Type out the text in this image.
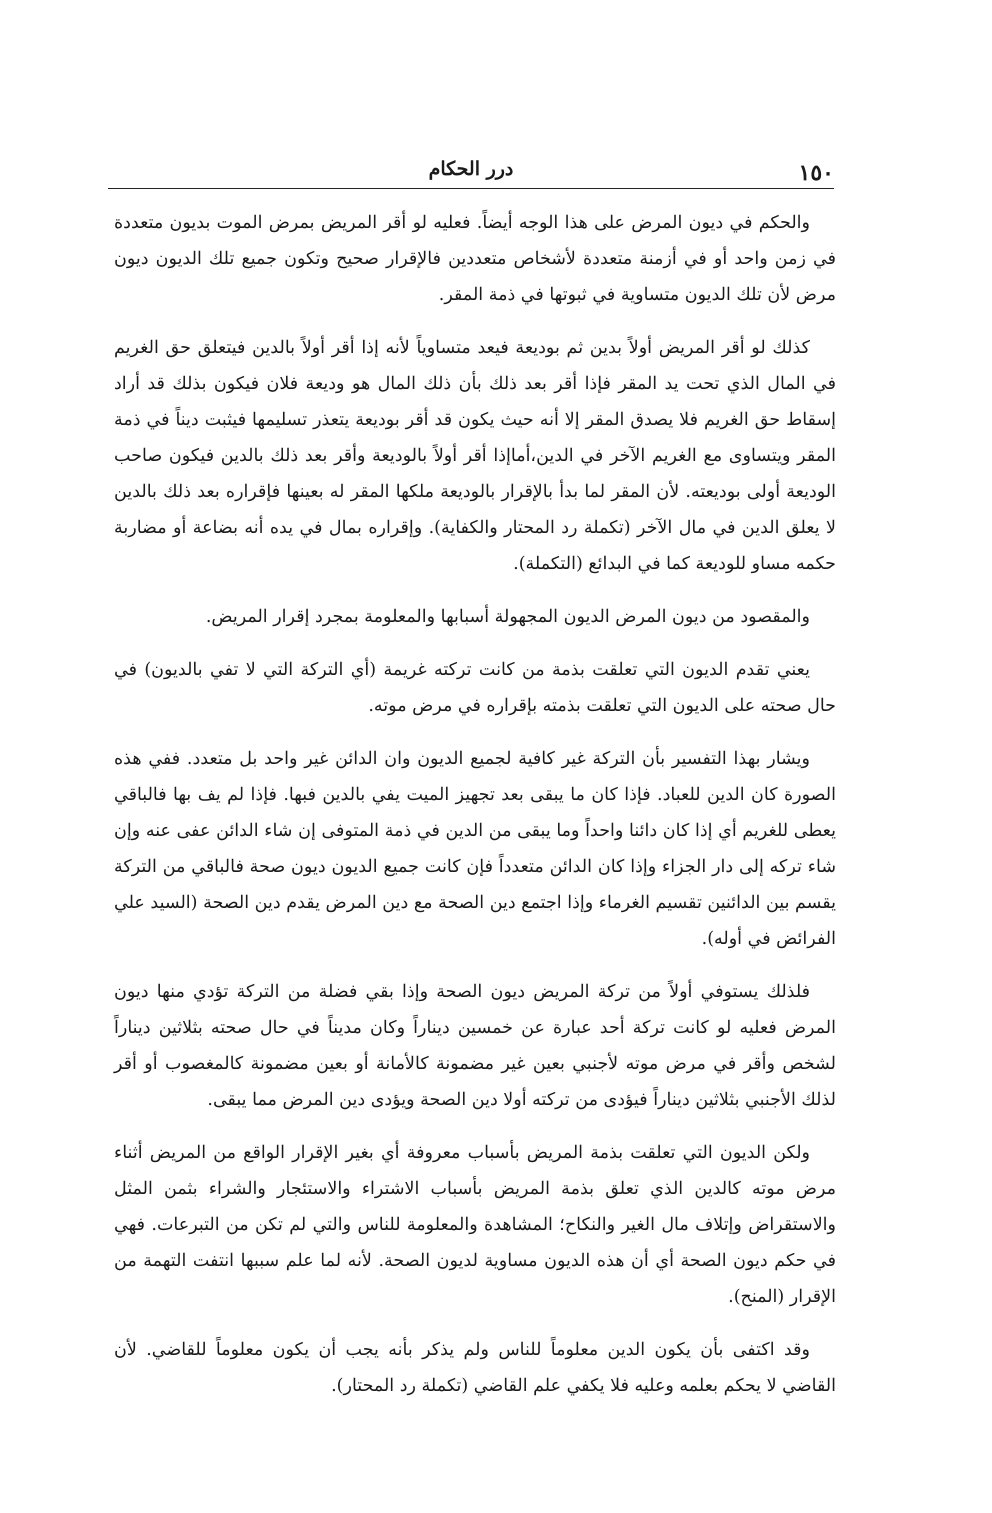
١٥٠
درر الحكام

والحكم في ديون المرض على هذا الوجه أيضاً. فعليه لو أقر المريض بمرض الموت بديون متعددة في زمن واحد أو في أزمنة متعددة لأشخاص متعددين فالإقرار صحيح وتكون جميع تلك الديون ديون مرض لأن تلك الديون متساوية في ثبوتها في ذمة المقر.

كذلك لو أقر المريض أولاً بدين ثم بوديعة فيعد متساوياً لأنه إذا أقر أولاً بالدين فيتعلق حق الغريم في المال الذي تحت يد المقر فإذا أقر بعد ذلك بأن ذلك المال هو وديعة فلان فيكون بذلك قد أراد إسقاط حق الغريم فلا يصدق المقر إلا أنه حيث يكون قد أقر بوديعة يتعذر تسليمها فيثبت ديناً في ذمة المقر ويتساوى مع الغريم الآخر في الدين،أماإذا أقر أولاً بالوديعة وأقر بعد ذلك بالدين فيكون صاحب الوديعة أولى بوديعته. لأن المقر لما بدأ بالإقرار بالوديعة ملكها المقر له بعينها فإقراره بعد ذلك بالدين لا يعلق الدين في مال الآخر (تكملة رد المحتار والكفاية). وإقراره بمال في يده أنه بضاعة أو مضاربة حكمه مساو للوديعة كما في البدائع (التكملة).

والمقصود من ديون المرض الديون المجهولة أسبابها والمعلومة بمجرد إقرار المريض.

يعني تقدم الديون التي تعلقت بذمة من كانت تركته غريمة (أي التركة التي لا تفي بالديون) في حال صحته على الديون التي تعلقت بذمته بإقراره في مرض موته.

ويشار بهذا التفسير بأن التركة غير كافية لجميع الديون وان الدائن غير واحد بل متعدد. ففي هذه الصورة كان الدين للعباد. فإذا كان ما يبقى بعد تجهيز الميت يفي بالدين فبها. فإذا لم يف بها فالباقي يعطى للغريم أي إذا كان دائنا واحداً وما يبقى من الدين في ذمة المتوفى إن شاء الدائن عفى عنه وإن شاء تركه إلى دار الجزاء وإذا كان الدائن متعدداً فإن كانت جميع الديون ديون صحة فالباقي من التركة يقسم بين الدائنين تقسيم الغرماء وإذا اجتمع دين الصحة مع دين المرض يقدم دين الصحة (السيد علي الفرائض في أوله).

فلذلك يستوفي أولاً من تركة المريض ديون الصحة وإذا بقي فضلة من التركة تؤدي منها ديون المرض فعليه لو كانت تركة أحد عبارة عن خمسين ديناراً وكان مديناً في حال صحته بثلاثين ديناراً لشخص وأقر في مرض موته لأجنبي بعين غير مضمونة كالأمانة أو بعين مضمونة كالمغصوب أو أقر لذلك الأجنبي بثلاثين ديناراً فيؤدى من تركته أولا دين الصحة ويؤدى دين المرض مما يبقى.

ولكن الديون التي تعلقت بذمة المريض بأسباب معروفة أي بغير الإقرار الواقع من المريض أثناء مرض موته كالدين الذي تعلق بذمة المريض بأسباب الاشتراء والاستئجار والشراء بثمن المثل والاستقراض وإتلاف مال الغير والنكاح؛ المشاهدة والمعلومة للناس والتي لم تكن من التبرعات. فهي في حكم ديون الصحة أي أن هذه الديون مساوية لديون الصحة. لأنه لما علم سببها انتفت التهمة من الإقرار (المنح).

وقد اكتفى بأن يكون الدين معلوماً للناس ولم يذكر بأنه يجب أن يكون معلوماً للقاضي. لأن القاضي لا يحكم بعلمه وعليه فلا يكفي علم القاضي (تكملة رد المحتار).
